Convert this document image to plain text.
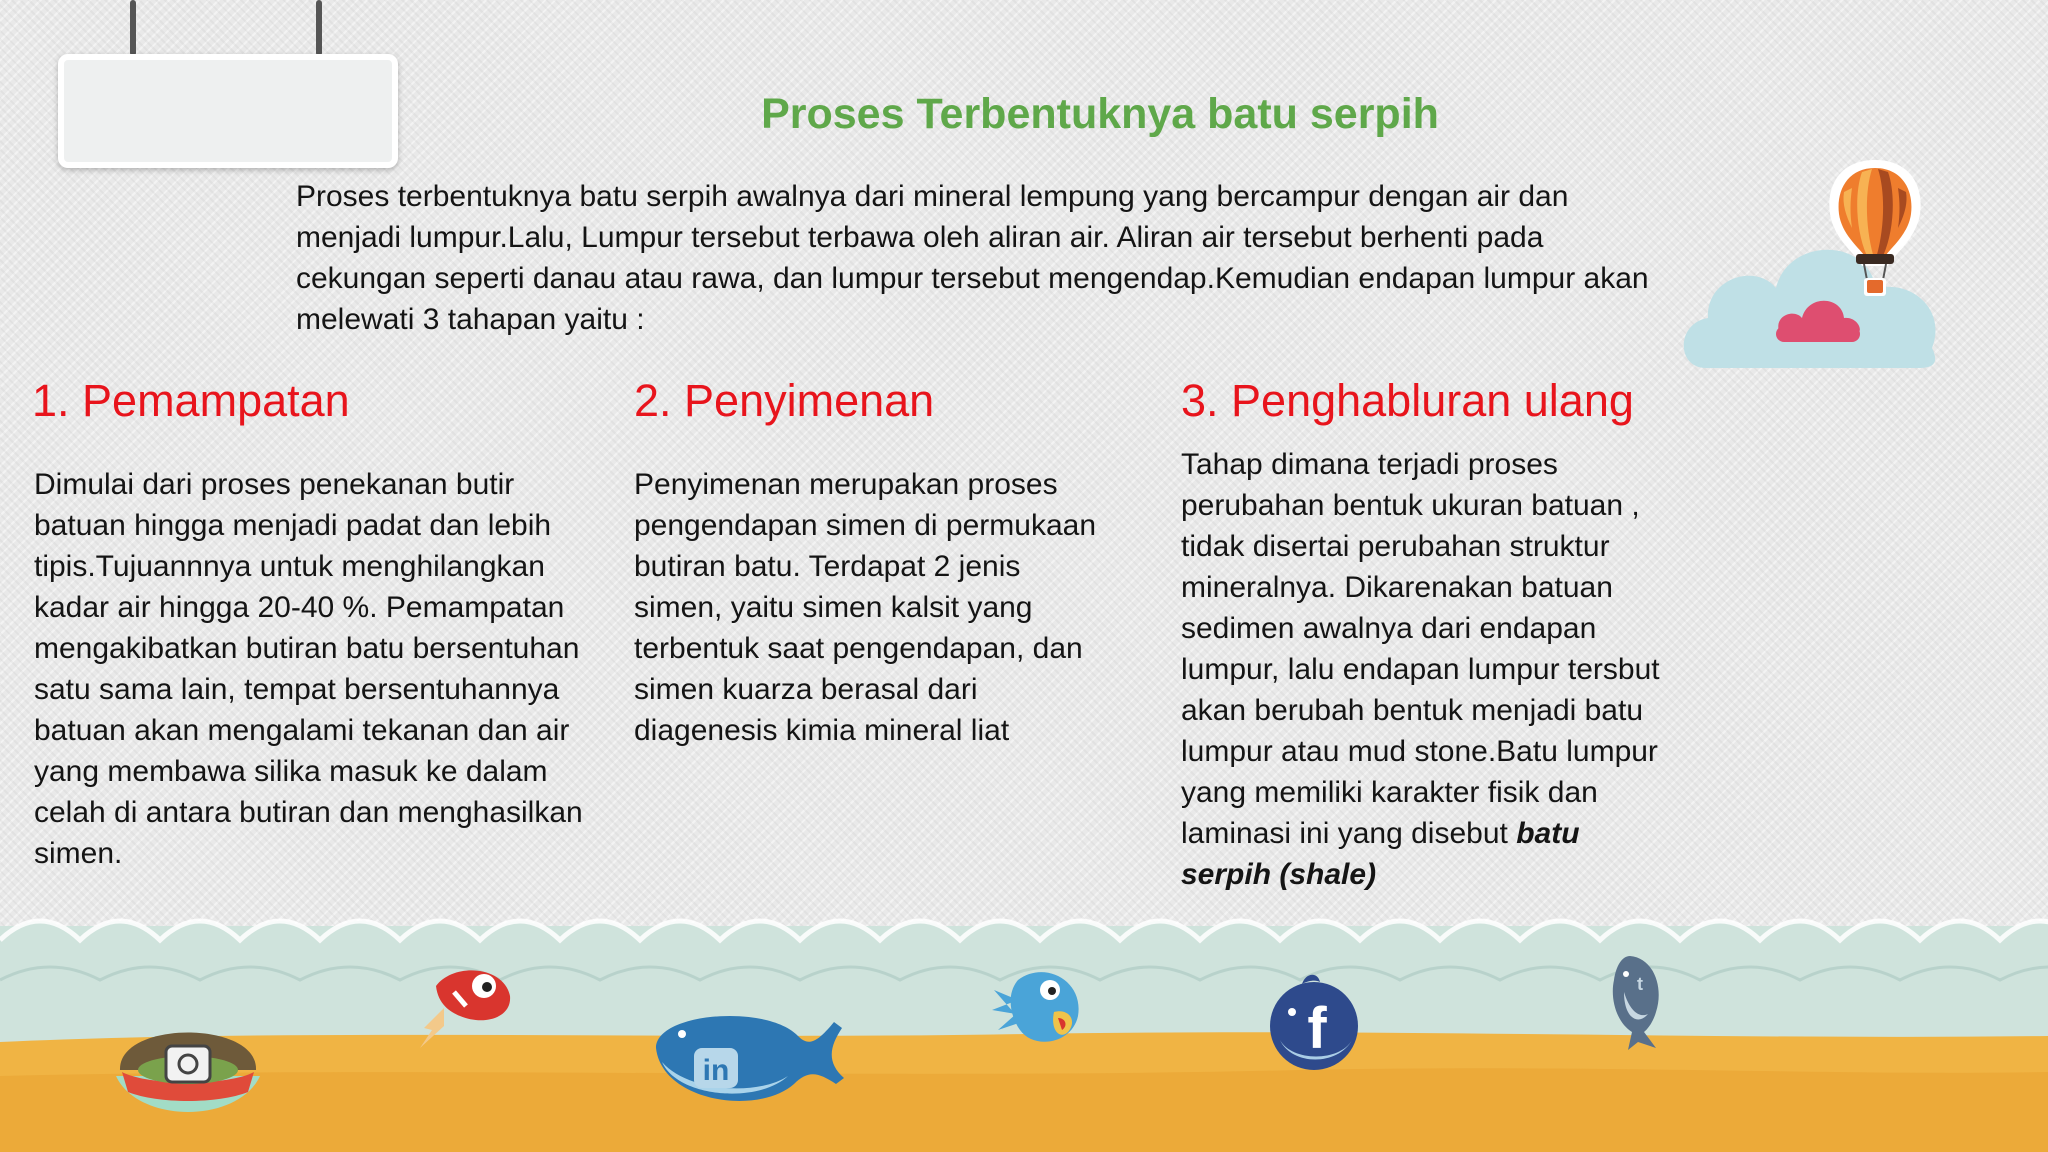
Proses Terbentuknya batu serpih
Proses terbentuknya batu serpih awalnya dari mineral lempung yang bercampur dengan air dan menjadi lumpur.Lalu, Lumpur tersebut terbawa oleh aliran air. Aliran air tersebut berhenti pada cekungan seperti danau atau rawa, dan lumpur tersebut mengendap.Kemudian endapan lumpur akan melewati 3 tahapan yaitu :
1. Pemampatan
Dimulai dari proses penekanan butir batuan hingga menjadi padat dan lebih tipis.Tujuannnya untuk menghilangkan kadar air hingga 20-40 %. Pemampatan mengakibatkan butiran batu bersentuhan satu sama lain, tempat bersentuhannya batuan akan mengalami tekanan dan air yang membawa silika masuk ke dalam celah di antara butiran dan menghasilkan simen.
2. Penyimenan
Penyimenan merupakan proses pengendapan simen di permukaan butiran batu. Terdapat 2 jenis simen, yaitu simen kalsit yang terbentuk saat pengendapan, dan simen kuarza berasal dari diagenesis kimia mineral liat
3. Penghabluran ulang
Tahap dimana terjadi proses perubahan bentuk ukuran batuan , tidak disertai perubahan struktur mineralnya. Dikarenakan batuan sedimen awalnya dari endapan lumpur, lalu endapan lumpur tersbut akan berubah bentuk menjadi batu lumpur atau mud stone.Batu lumpur yang memiliki karakter fisik dan laminasi ini yang disebut batu serpih (shale)
in
f
t
